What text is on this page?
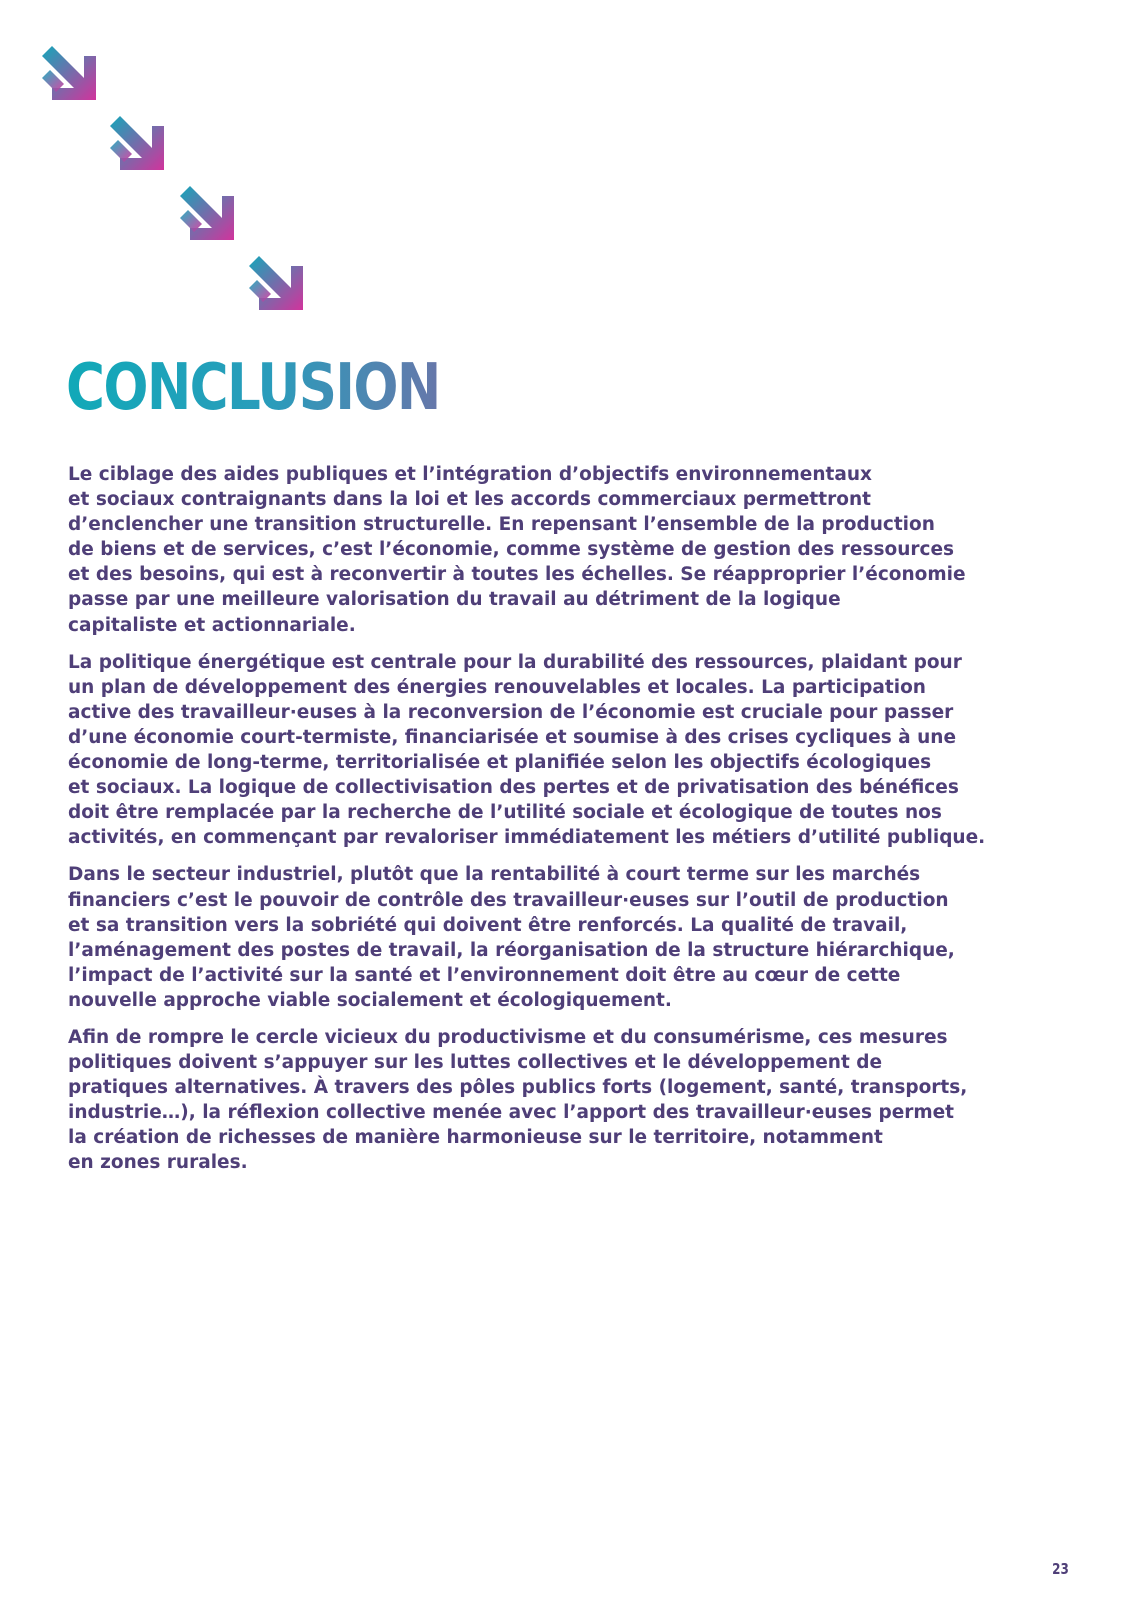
CONCLUSION

Le ciblage des aides publiques et l’intégration d’objectifs environnementaux
et sociaux contraignants dans la loi et les accords commerciaux permettront
d’enclencher une transition structurelle. En repensant l’ensemble de la production
de biens et de services, c’est l’économie, comme système de gestion des ressources
et des besoins, qui est à reconvertir à toutes les échelles. Se réapproprier l’économie
passe par une meilleure valorisation du travail au détriment de la logique
capitaliste et actionnariale.

La politique énergétique est centrale pour la durabilité des ressources, plaidant pour
un plan de développement des énergies renouvelables et locales. La participation
active des travailleur·euses à la reconversion de l’économie est cruciale pour passer
d’une économie court-termiste, financiarisée et soumise à des crises cycliques à une
économie de long-terme, territorialisée et planifiée selon les objectifs écologiques
et sociaux. La logique de collectivisation des pertes et de privatisation des bénéfices
doit être remplacée par la recherche de l’utilité sociale et écologique de toutes nos
activités, en commençant par revaloriser immédiatement les métiers d’utilité publique.

Dans le secteur industriel, plutôt que la rentabilité à court terme sur les marchés
financiers c’est le pouvoir de contrôle des travailleur·euses sur l’outil de production
et sa transition vers la sobriété qui doivent être renforcés. La qualité de travail,
l’aménagement des postes de travail, la réorganisation de la structure hiérarchique,
l’impact de l’activité sur la santé et l’environnement doit être au cœur de cette
nouvelle approche viable socialement et écologiquement.

Afin de rompre le cercle vicieux du productivisme et du consumérisme, ces mesures
politiques doivent s’appuyer sur les luttes collectives et le développement de
pratiques alternatives. À travers des pôles publics forts (logement, santé, transports,
industrie…), la réflexion collective menée avec l’apport des travailleur·euses permet
la création de richesses de manière harmonieuse sur le territoire, notamment
en zones rurales.

23
